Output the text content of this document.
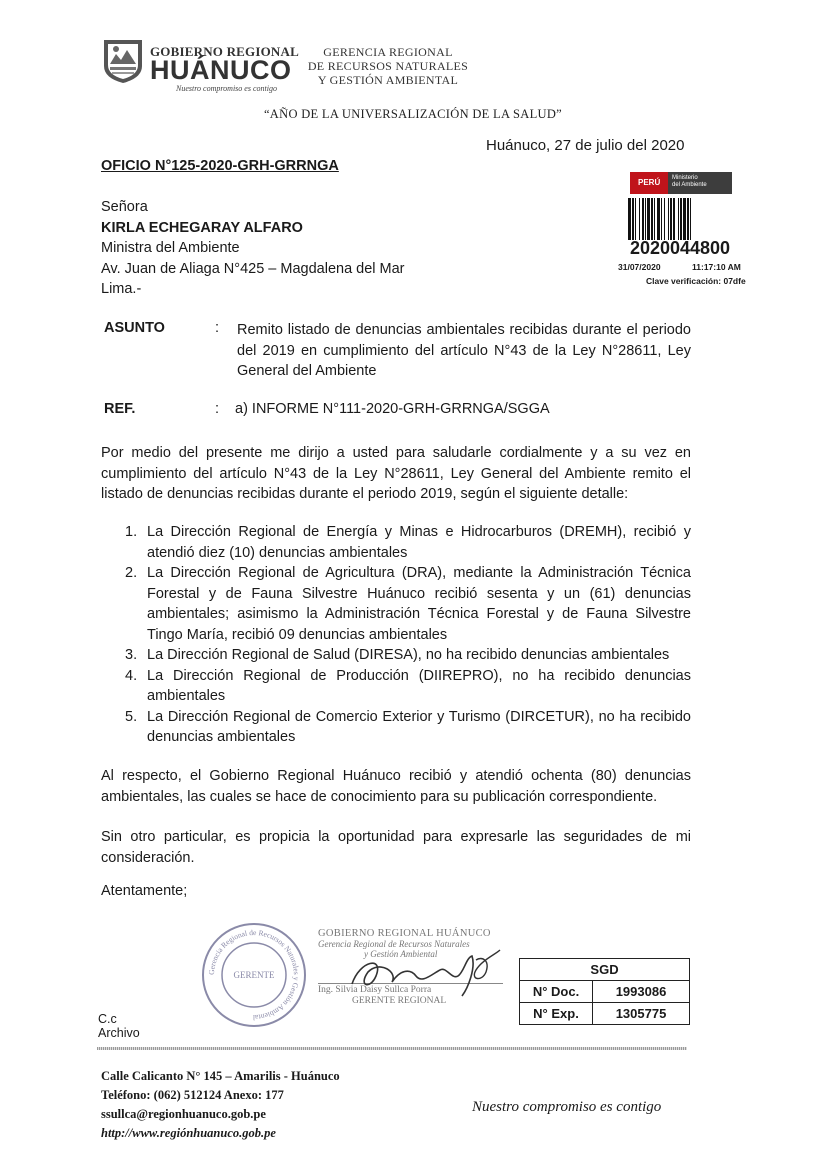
GOBIERNO REGIONAL
HUÁNUCO
Nuestro compromiso es contigo
GERENCIA REGIONAL
DE RECURSOS NATURALES
Y GESTIÓN AMBIENTAL
“AÑO DE LA UNIVERSALIZACIÓN DE LA SALUD”
Huánuco, 27 de julio del 2020
OFICIO N°125-2020-GRH-GRRNGA
PERÚ	Ministerio
del Ambiente
2020044800
31/07/2020	11:17:10 AM
Clave verificación: 07dfe
Señora
KIRLA ECHEGARAY ALFARO
Ministra del Ambiente
Av. Juan de Aliaga N°425 – Magdalena del Mar
Lima.-
ASUNTO	: Remito listado de denuncias ambientales recibidas durante el periodo del 2019 en cumplimiento del artículo N°43 de la Ley N°28611, Ley General del Ambiente
REF.	: a) INFORME N°111-2020-GRH-GRRNGA/SGGA
Por medio del presente me dirijo a usted para saludarle cordialmente y a su vez en cumplimiento del artículo N°43 de la Ley N°28611, Ley General del Ambiente remito el listado de denuncias recibidas durante el periodo 2019, según el siguiente detalle:
1. La Dirección Regional de Energía y Minas e Hidrocarburos (DREMH), recibió y atendió diez (10) denuncias ambientales
2. La Dirección Regional de Agricultura (DRA), mediante la Administración Técnica Forestal y de Fauna Silvestre Huánuco recibió sesenta y un (61) denuncias ambientales; asimismo la Administración Técnica Forestal y de Fauna Silvestre Tingo María, recibió 09 denuncias ambientales
3. La Dirección Regional de Salud (DIRESA), no ha recibido denuncias ambientales
4. La Dirección Regional de Producción (DIIREPRO), no ha recibido denuncias ambientales
5. La Dirección Regional de Comercio Exterior y Turismo (DIRCETUR), no ha recibido denuncias ambientales
Al respecto, el Gobierno Regional Huánuco recibió y atendió ochenta (80) denuncias ambientales, las cuales se hace de conocimiento para su publicación correspondiente.
Sin otro particular, es propicia la oportunidad para expresarle las seguridades de mi consideración.
Atentamente;
Gerencia Regional de Recursos Naturales y Gestión Ambiental
GERENTE
GOBIERNO REGIONAL HUÁNUCO
Gerencia Regional de Recursos Naturales
y Gestión Ambiental
Ing. Silvia Daisy Sullca Porra
GERENTE REGIONAL
SGD	
N° Doc.	1993086
N° Exp.	1305775
C.c
Archivo
Calle Calicanto N° 145 – Amarilis - Huánuco
Teléfono: (062) 512124 Anexo: 177
ssullca@regionhuanuco.gob.pe
http://www.regiónhuanuco.gob.pe
Nuestro compromiso es contigo
